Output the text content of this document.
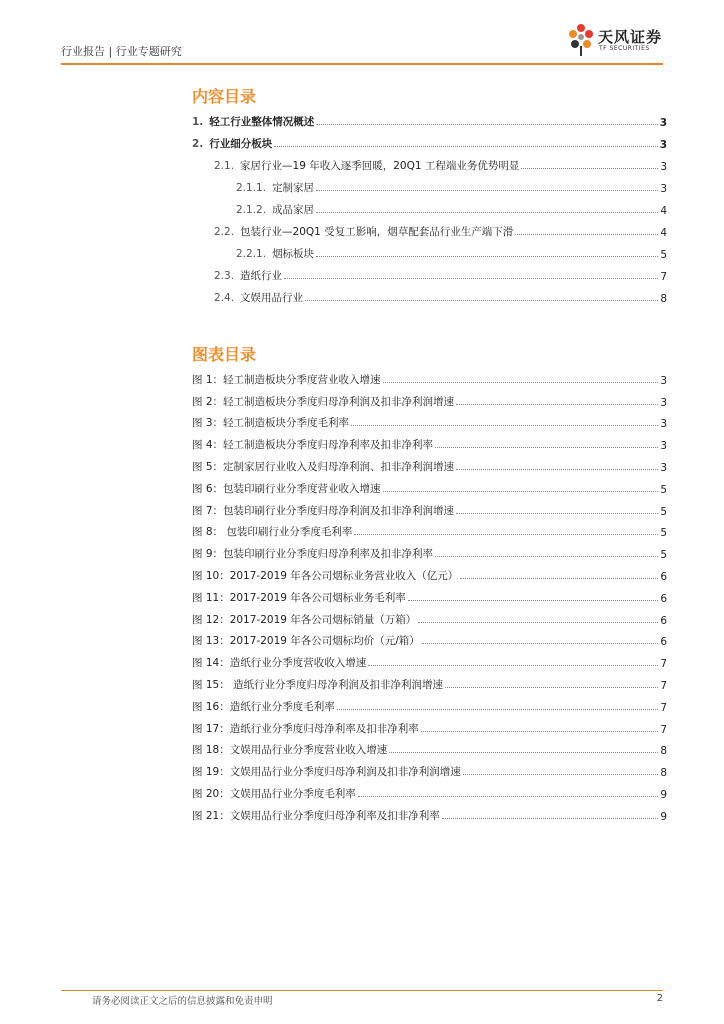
行业报告 | 行业专题研究
天风证券
TF SECURITIES
内容目录
1. 轻工行业整体情况概述	3
2. 行业细分板块	3
2.1. 家居行业—19 年收入逐季回暖，20Q1 工程端业务优势明显	3
2.1.1. 定制家居	3
2.1.2. 成品家居	4
2.2. 包装行业—20Q1 受复工影响，烟草配套品行业生产端下滑	4
2.2.1. 烟标板块	5
2.3. 造纸行业	7
2.4. 文娱用品行业	8
图表目录
图 1：轻工制造板块分季度营业收入增速	3
图 2：轻工制造板块分季度归母净利润及扣非净利润增速	3
图 3：轻工制造板块分季度毛利率	3
图 4：轻工制造板块分季度归母净利率及扣非净利率	3
图 5：定制家居行业收入及归母净利润、扣非净利润增速	3
图 6：包装印刷行业分季度营业收入增速	5
图 7：包装印刷行业分季度归母净利润及扣非净利润增速	5
图 8： 包装印刷行业分季度毛利率	5
图 9：包装印刷行业分季度归母净利率及扣非净利率	5
图 10：2017-2019 年各公司烟标业务营业收入（亿元）	6
图 11：2017-2019 年各公司烟标业务毛利率	6
图 12：2017-2019 年各公司烟标销量（万箱）	6
图 13：2017-2019 年各公司烟标均价（元/箱）	6
图 14：造纸行业分季度营收收入增速	7
图 15： 造纸行业分季度归母净利润及扣非净利润增速	7
图 16：造纸行业分季度毛利率	7
图 17：造纸行业分季度归母净利率及扣非净利率	7
图 18：文娱用品行业分季度营业收入增速	8
图 19：文娱用品行业分季度归母净利润及扣非净利润增速	8
图 20：文娱用品行业分季度毛利率	9
图 21：文娱用品行业分季度归母净利率及扣非净利率	9
请务必阅读正文之后的信息披露和免责申明	2
